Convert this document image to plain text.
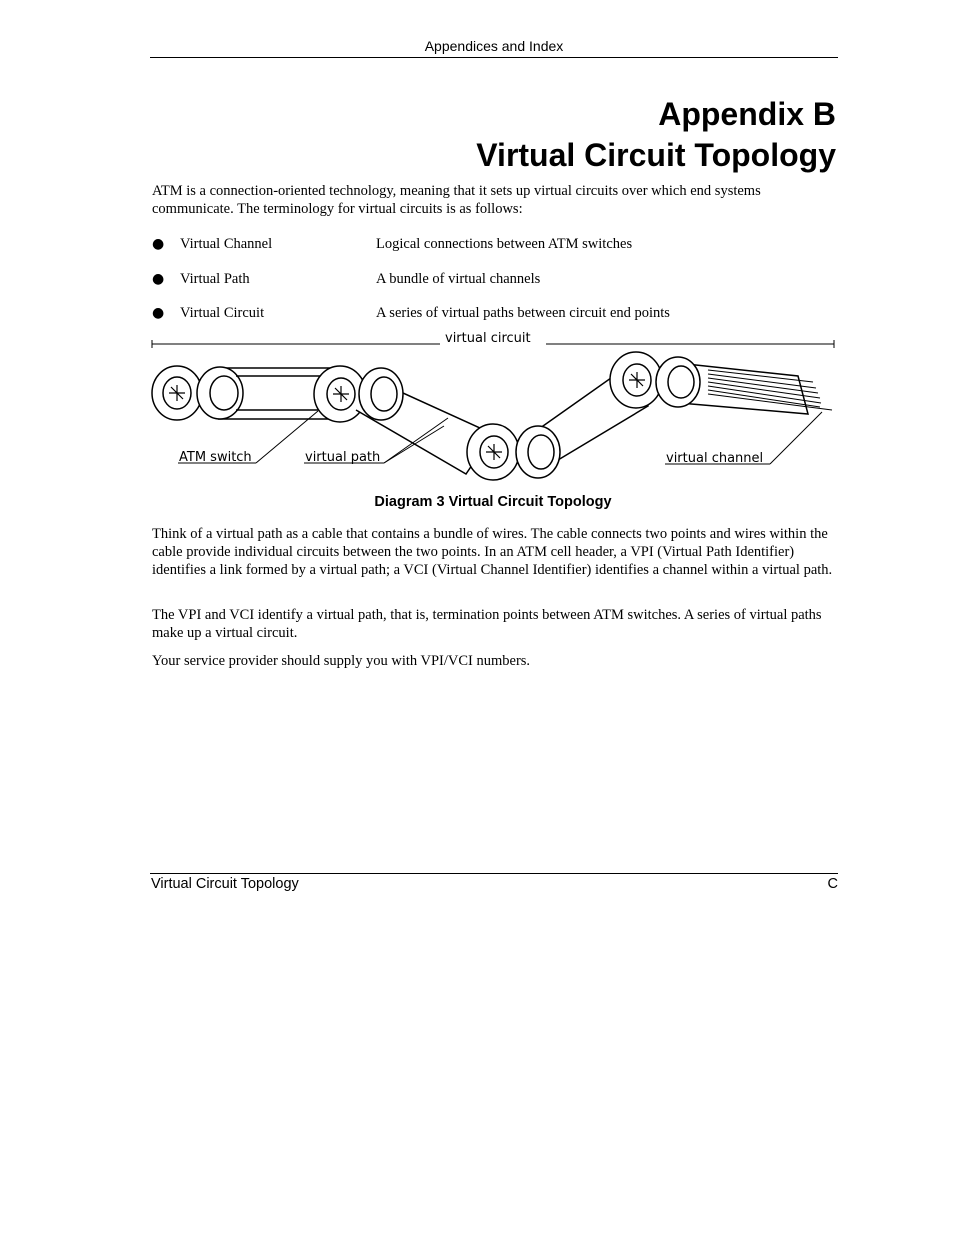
Appendices and Index
Appendix B
Virtual Circuit Topology
ATM is a connection-oriented technology, meaning that it sets up virtual circuits over which end systems communicate. The terminology for virtual circuits is as follows:
● Virtual Channel	Logical connections between ATM switches
● Virtual Path	A bundle of virtual channels
● Virtual Circuit	A series of virtual paths between circuit end points
virtual circuit
ATM switch	virtual path	virtual channel
Diagram 3 Virtual Circuit Topology

Think of a virtual path as a cable that contains a bundle of wires. The cable connects two points and wires within the cable provide individual circuits between the two points. In an ATM cell header, a VPI (Virtual Path Identifier) identifies a link formed by a virtual path; a VCI (Virtual Channel Identifier) identifies a channel within a virtual path.

The VPI and VCI identify a virtual path, that is, termination points between ATM switches. A series of virtual paths make up a virtual circuit.

Your service provider should supply you with VPI/VCI numbers.

Virtual Circuit Topology	C
